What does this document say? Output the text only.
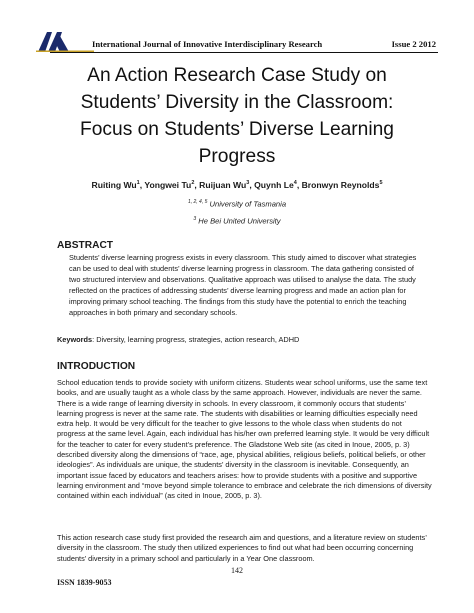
International Journal of Innovative Interdisciplinary Research	Issue 2 2012
An Action Research Case Study on
Students’ Diversity in the Classroom:
Focus on Students’ Diverse Learning
Progress
Ruiting Wu$^1$, Yongwei Tu$^2$, Ruijuan Wu$^3$, Quynh Le$^4$, Bronwyn Reynolds$^5$
$^{1, 2, 4, 5}$ University of Tasmania
$^3$ He Bei United University
ABSTRACT

Students’ diverse learning progress exists in every classroom. This study aimed to discover what strategies can be used to deal with students’ diverse learning progress in classroom. The data gathering consisted of two structured interview and observations. Qualitative approach was utilised to analyse the data. The study reflected on the practices of addressing students’ diverse learning progress and made an action plan for improving primary school teaching. The findings from this study have the potential to enrich the teaching approaches in both primary and secondary schools.

Keywords: Diversity, learning progress, strategies, action research, ADHD

INTRODUCTION

School education tends to provide society with uniform citizens. Students wear school uniforms, use the same text books, and are usually taught as a whole class by the same approach. However, individuals are never the same. There is a wide range of learning diversity in schools. In every classroom, it commonly occurs that students’ learning progress is never at the same rate. The students with disabilities or learning difficulties especially need extra help. It would be very difficult for the teacher to give lessons to the whole class when students do not progress at the same level. Again, each individual has his/her own preferred learning style. It would be very difficult for the teacher to cater for every student’s preference. The Gladstone Web site (as cited in Inoue, 2005, p. 3) described diversity along the dimensions of “race, age, physical abilities, religious beliefs, political beliefs, or other ideologies”. As individuals are unique, the students’ diversity in the classroom is inevitable. Consequently, an important issue faced by educators and teachers arises: how to provide students with a positive and supportive learning environment and “move beyond simple tolerance to embrace and celebrate the rich dimensions of diversity contained within each individual” (as cited in Inoue, 2005, p. 3).

This action research case study first provided the research aim and questions, and a literature review on students’ diversity in the classroom. The study then utilized experiences to find out what had been occurring concerning students’ diversity in a primary school and particularly in a Year One classroom.

142
ISSN 1839-9053
